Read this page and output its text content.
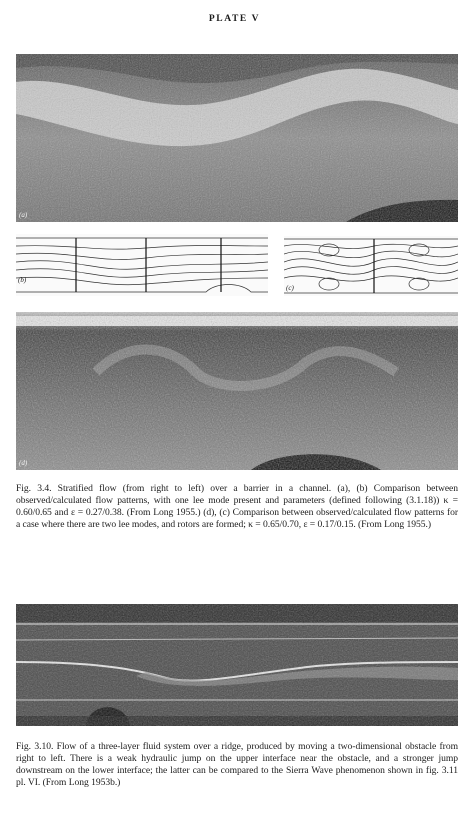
PLATE V
(a)
(b)
(c)
(d)
Fig. 3.4. Stratified flow (from right to left) over a barrier in a channel. (a), (b) Comparison between observed/calculated flow patterns, with one lee mode present and parameters (defined following (3.1.18)) κ = 0.60/0.65 and ε = 0.27/0.38. (From Long 1955.) (d), (c) Comparison between observed/calculated flow patterns for a case where there are two lee modes, and rotors are formed; κ = 0.65/0.70, ε = 0.17/0.15. (From Long 1955.)
Fig. 3.10. Flow of a three-layer fluid system over a ridge, produced by moving a two-dimensional obstacle from right to left. There is a weak hydraulic jump on the upper interface near the obstacle, and a stronger jump downstream on the lower interface; the latter can be compared to the Sierra Wave phenomenon shown in fig. 3.11 pl. VI. (From Long 1953b.)
